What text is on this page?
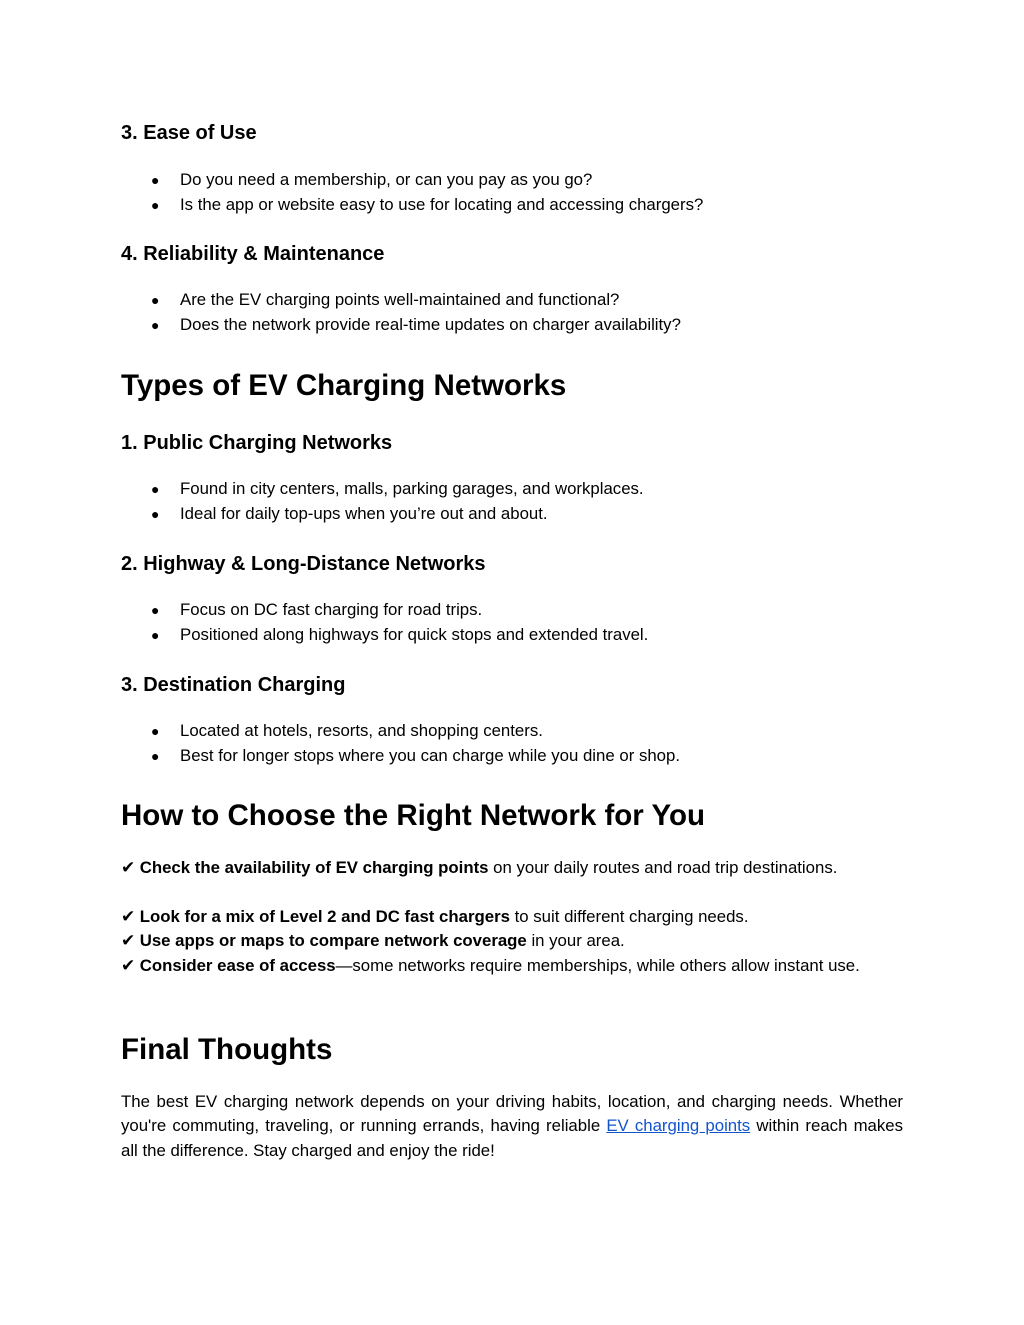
3. Ease of Use
● Do you need a membership, or can you pay as you go?
● Is the app or website easy to use for locating and accessing chargers?
4. Reliability & Maintenance
● Are the EV charging points well-maintained and functional?
● Does the network provide real-time updates on charger availability?
Types of EV Charging Networks
1. Public Charging Networks
● Found in city centers, malls, parking garages, and workplaces.
● Ideal for daily top-ups when you’re out and about.
2. Highway & Long-Distance Networks
● Focus on DC fast charging for road trips.
● Positioned along highways for quick stops and extended travel.
3. Destination Charging
● Located at hotels, resorts, and shopping centers.
● Best for longer stops where you can charge while you dine or shop.
How to Choose the Right Network for You
✔ Check the availability of EV charging points on your daily routes and road trip destinations.
✔ Look for a mix of Level 2 and DC fast chargers to suit different charging needs.
✔ Use apps or maps to compare network coverage in your area.
✔ Consider ease of access—some networks require memberships, while others allow instant use.
Final Thoughts
The best EV charging network depends on your driving habits, location, and charging needs. Whether you're commuting, traveling, or running errands, having reliable EV charging points within reach makes all the difference. Stay charged and enjoy the ride!
